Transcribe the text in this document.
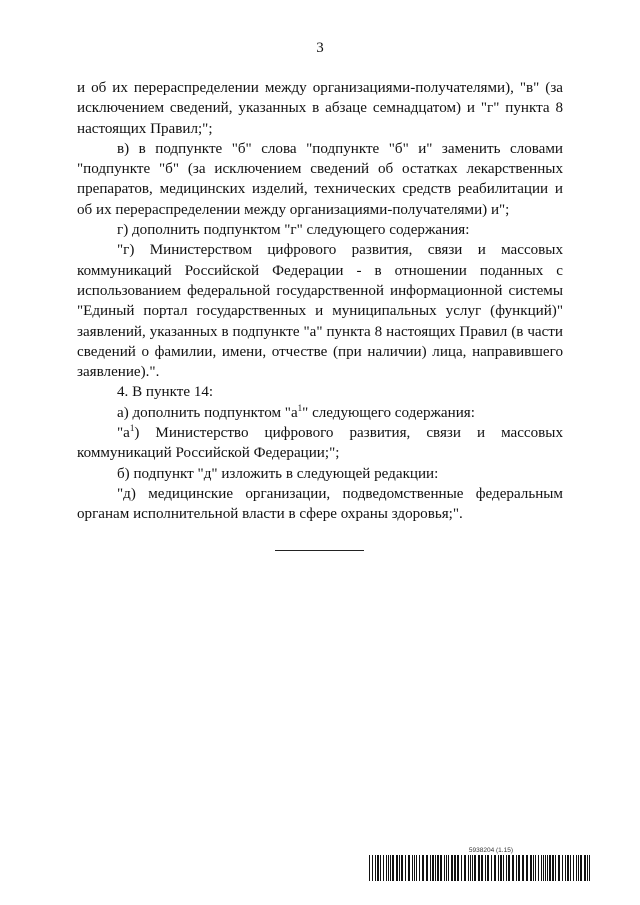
3

и об их перераспределении между организациями-получателями), "в" (за исключением сведений, указанных в абзаце семнадцатом) и "г" пункта 8 настоящих Правил;";

в) в подпункте "б" слова "подпункте "б" и" заменить словами "подпункте "б" (за исключением сведений об остатках лекарственных препаратов, медицинских изделий, технических средств реабилитации и об их перераспределении между организациями-получателями) и";

г) дополнить подпунктом "г" следующего содержания:

"г) Министерством цифрового развития, связи и массовых коммуникаций Российской Федерации - в отношении поданных с использованием федеральной государственной информационной системы "Единый портал государственных и муниципальных услуг (функций)" заявлений, указанных в подпункте "а" пункта 8 настоящих Правил (в части сведений о фамилии, имени, отчестве (при наличии) лица, направившего заявление).".

4. В пункте 14:

а) дополнить подпунктом "$а^1$" следующего содержания:

"$а^1$) Министерство цифрового развития, связи и массовых коммуникаций Российской Федерации;";

б) подпункт "д" изложить в следующей редакции:

"д) медицинские организации, подведомственные федеральным органам исполнительной власти в сфере охраны здоровья;".

5938204 (1.15)
